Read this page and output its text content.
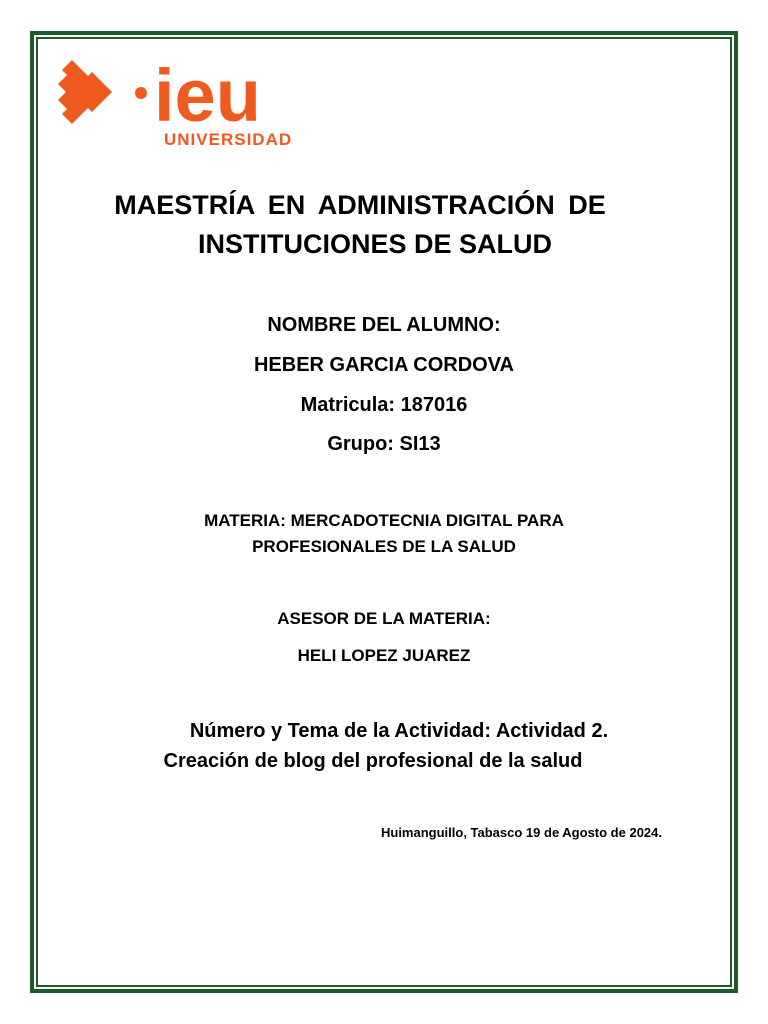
ieu
UNIVERSIDAD
MAESTRÍA EN ADMINISTRACIÓN DE
INSTITUCIONES DE SALUD
NOMBRE DEL ALUMNO:
HEBER GARCIA CORDOVA
Matricula: 187016
Grupo: SI13
MATERIA: MERCADOTECNIA DIGITAL PARA
PROFESIONALES DE LA SALUD
ASESOR DE LA MATERIA:
HELI LOPEZ JUAREZ
Número y Tema de la Actividad: Actividad 2.
Creación de blog del profesional de la salud
Huimanguillo, Tabasco 19 de Agosto de 2024.
